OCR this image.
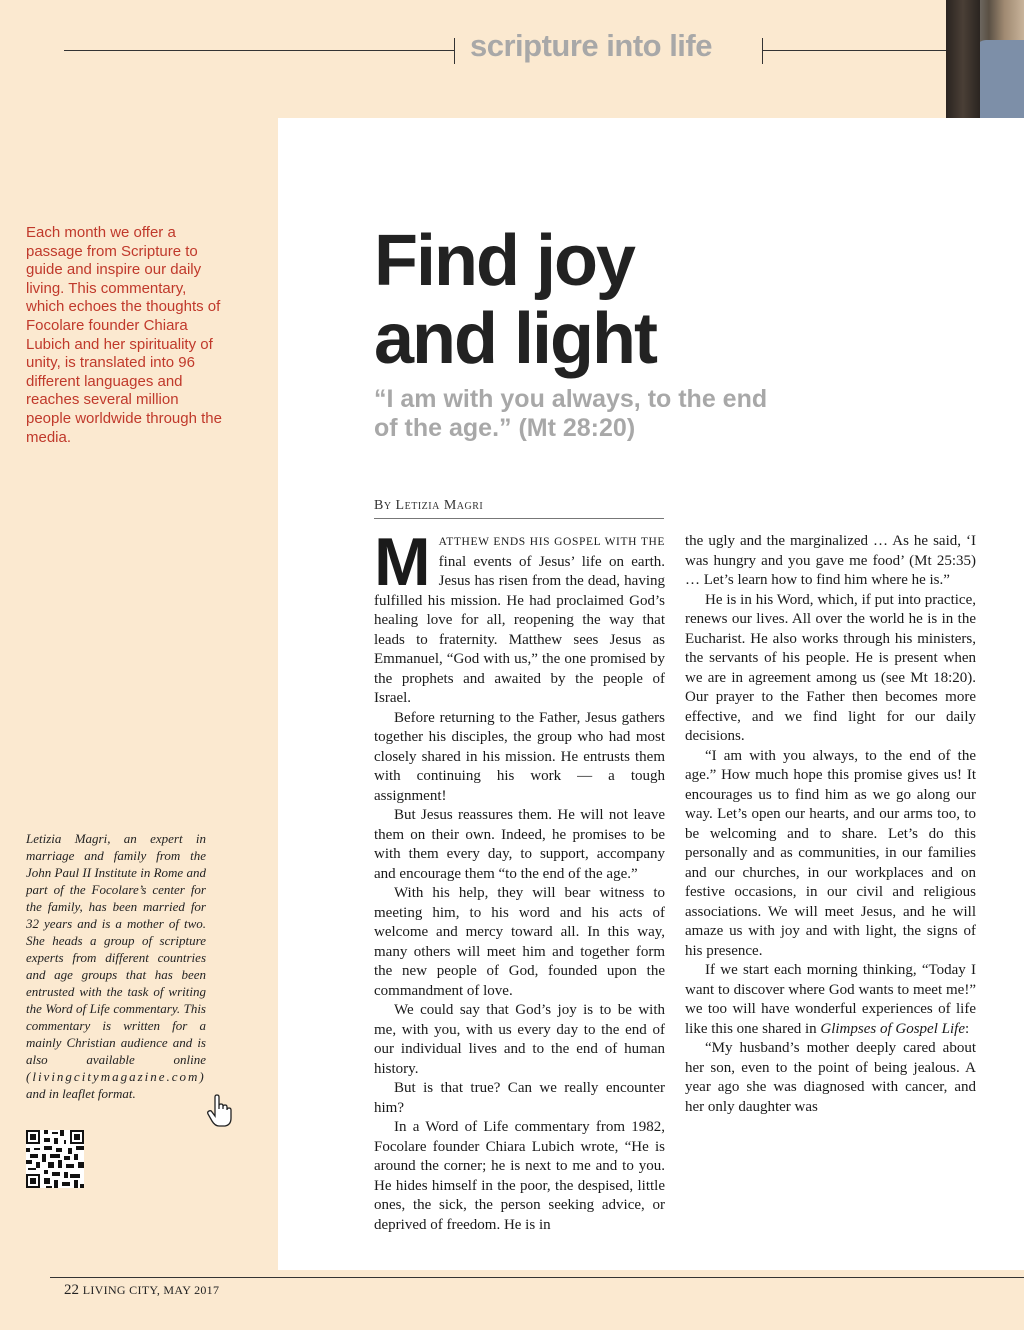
scripture into life

Each month we offer a passage from Scripture to guide and inspire our daily living. This commentary, which echoes the thoughts of Focolare founder Chiara Lubich and her spirituality of unity, is translated into 96 different languages and reaches several million people worldwide through the media.

Find joy
and light

“I am with you always, to the end of the age.” (Mt 28:20)

By Letizia Magri

MATTHEW ENDS HIS GOSPEL WITH THE final events of Jesus’ life on earth. Jesus has risen from the dead, having fulfilled his mission. He had proclaimed God’s healing love for all, reopening the way that leads to fraternity. Matthew sees Jesus as Emmanuel, “God with us,” the one promised by the prophets and awaited by the people of Israel.

Before returning to the Father, Jesus gathers together his disciples, the group who had most closely shared in his mission. He entrusts them with continuing his work — a tough assignment!

But Jesus reassures them. He will not leave them on their own. Indeed, he promises to be with them every day, to support, accompany and encourage them “to the end of the age.”

With his help, they will bear witness to meeting him, to his word and his acts of welcome and mercy toward all. In this way, many others will meet him and together form the new people of God, founded upon the commandment of love.

We could say that God’s joy is to be with me, with you, with us every day to the end of our individual lives and to the end of human history.

But is that true? Can we really encounter him?

In a Word of Life commentary from 1982, Focolare founder Chiara Lubich wrote, “He is around the corner; he is next to me and to you. He hides himself in the poor, the despised, little ones, the sick, the person seeking advice, or deprived of freedom. He is in

the ugly and the marginalized … As he said, ‘I was hungry and you gave me food’ (Mt 25:35) … Let’s learn how to find him where he is.”

He is in his Word, which, if put into practice, renews our lives. All over the world he is in the Eucharist. He also works through his ministers, the servants of his people. He is present when we are in agreement among us (see Mt 18:20). Our prayer to the Father then becomes more effective, and we find light for our daily decisions.

“I am with you always, to the end of the age.” How much hope this promise gives us! It encourages us to find him as we go along our way. Let’s open our hearts, and our arms too, to be welcoming and to share. Let’s do this personally and as communities, in our families and our churches, in our workplaces and on festive occasions, in our civil and religious associations. We will meet Jesus, and he will amaze us with joy and with light, the signs of his presence.

If we start each morning thinking, “Today I want to discover where God wants to meet me!” we too will have wonderful experiences of life like this one shared in Glimpses of Gospel Life:

“My husband’s mother deeply cared about her son, even to the point of being jealous. A year ago she was diagnosed with cancer, and her only daughter was

Letizia Magri, an expert in marriage and family from the John Paul II Institute in Rome and part of the Focolare’s center for the family, has been married for 32 years and is a mother of two. She heads a group of scripture experts from different countries and age groups that has been entrusted with the task of writing the Word of Life commentary. This commentary is written for a mainly Christian audience and is also available online (livingcitymagazine.com) and in leaflet format.

22 LIVING CITY, MAY 2017
